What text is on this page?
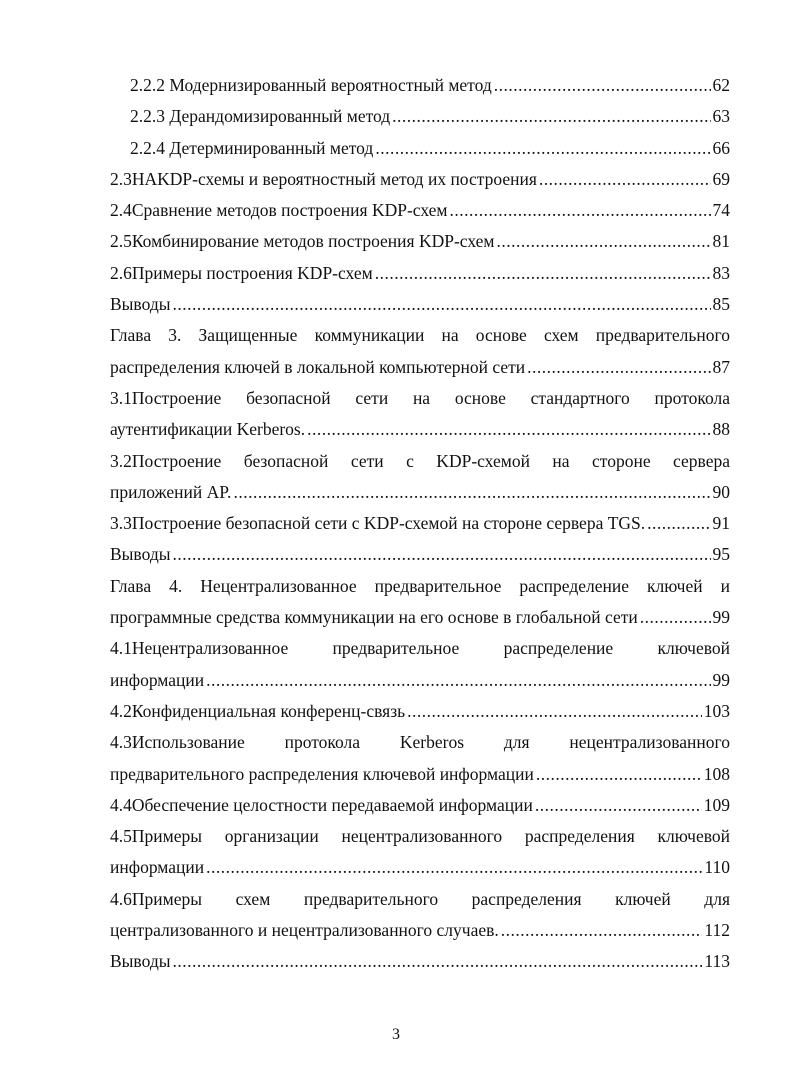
2.2.2 Модернизированный вероятностный метод .....	62
2.2.3 Дерандомизированный метод .....	63
2.2.4 Детерминированный метод .....	66
2.3НАKDP-схемы и вероятностный метод их построения .....	69
2.4Сравнение методов построения KDP-схем .....	74
2.5Комбинирование методов построения KDP-схем .....	81
2.6Примеры построения KDP-схем .....	83
Выводы .....	85
Глава 3. Защищенные коммуникации на основе схем предварительного
распределения ключей в локальной компьютерной сети .....	87
3.1Построение безопасной сети на основе стандартного протокола
аутентификации Kerberos. .....	88
3.2Построение безопасной сети с KDP-схемой на стороне сервера
приложений AP. .....	90
3.3Построение безопасной сети с KDP-схемой на стороне сервера TGS. .....	91
Выводы .....	95
Глава 4. Нецентрализованное предварительное распределение ключей и
программные средства коммуникации на его основе в глобальной сети .....	99
4.1Нецентрализованное предварительное распределение ключевой
информации .....	99
4.2Конфиденциальная конференц-связь .....	103
4.3Использование протокола Kerberos для нецентрализованного
предварительного распределения ключевой информации .....	108
4.4Обеспечение целостности передаваемой информации .....	109
4.5Примеры организации нецентрализованного распределения ключевой
информации .....	110
4.6Примеры схем предварительного распределения ключей для
централизованного и нецентрализованного случаев. .....	112
Выводы .....	113
3
